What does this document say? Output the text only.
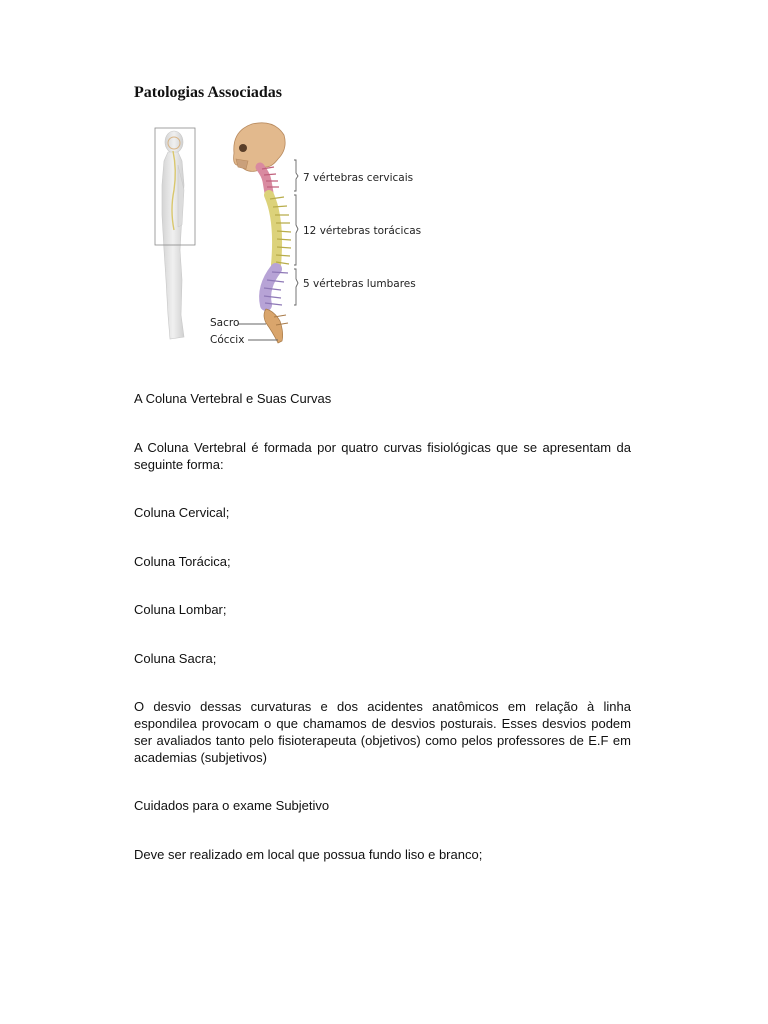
Patologias Associadas
7 vértebras cervicais
12 vértebras torácicas
5 vértebras lumbares
Sacro
Cóccix

A Coluna Vertebral e Suas Curvas

A Coluna Vertebral é formada por quatro curvas fisiológicas que se apresentam da seguinte forma:

Coluna Cervical;

Coluna Torácica;

Coluna Lombar;

Coluna Sacra;

O desvio dessas curvaturas e dos acidentes anatômicos em relação à linha espondilea provocam o que chamamos de desvios posturais. Esses desvios podem ser avaliados tanto pelo fisioterapeuta (objetivos) como pelos professores de E.F em academias (subjetivos)

Cuidados para o exame Subjetivo

Deve ser realizado em local que possua fundo liso e branco;
